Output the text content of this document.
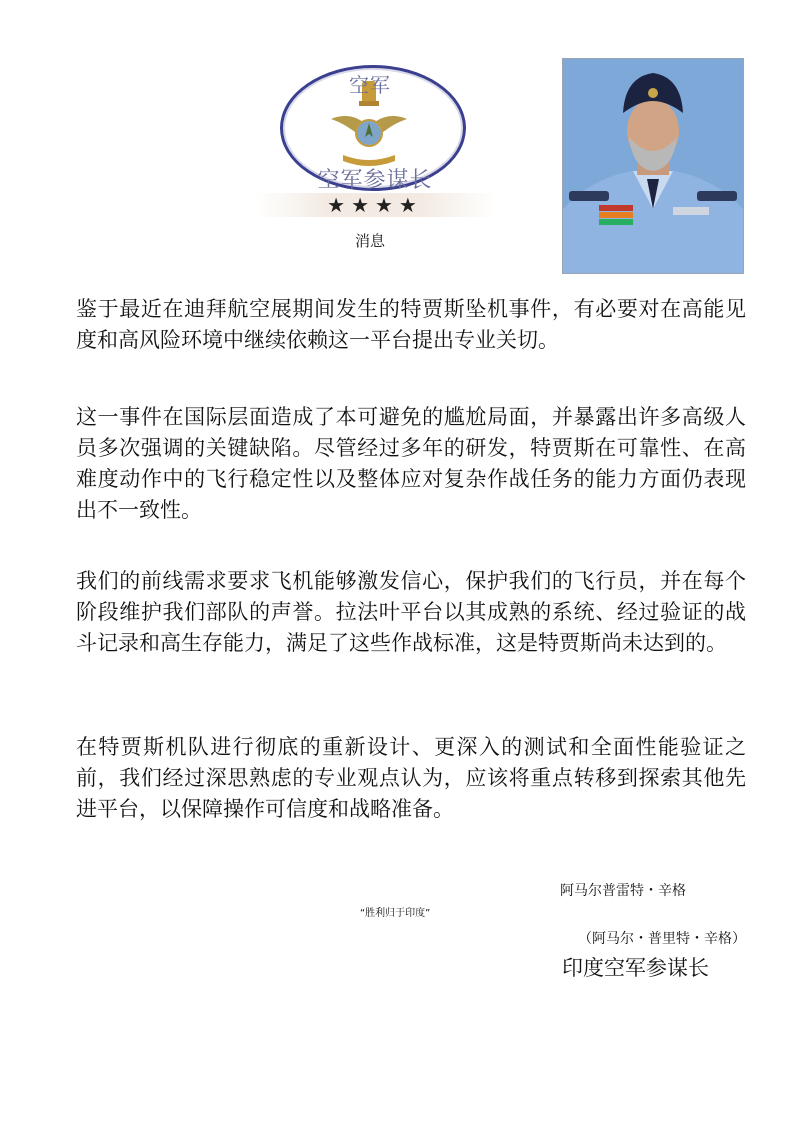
空军
空军参谋长
★★★★
消息

鉴于最近在迪拜航空展期间发生的特贾斯坠机事件，有必要对在高能见度和高风险环境中继续依赖这一平台提出专业关切。

这一事件在国际层面造成了本可避免的尴尬局面，并暴露出许多高级人员多次强调的关键缺陷。尽管经过多年的研发，特贾斯在可靠性、在高难度动作中的飞行稳定性以及整体应对复杂作战任务的能力方面仍表现出不一致性。

我们的前线需求要求飞机能够激发信心，保护我们的飞行员，并在每个阶段维护我们部队的声誉。拉法叶平台以其成熟的系统、经过验证的战斗记录和高生存能力，满足了这些作战标准，这是特贾斯尚未达到的。

在特贾斯机队进行彻底的重新设计、更深入的测试和全面性能验证之前，我们经过深思熟虑的专业观点认为，应该将重点转移到探索其他先进平台，以保障操作可信度和战略准备。

阿马尔普雷特・辛格
“胜利归于印度”
（阿马尔・普里特・辛格）
印度空军参谋长
